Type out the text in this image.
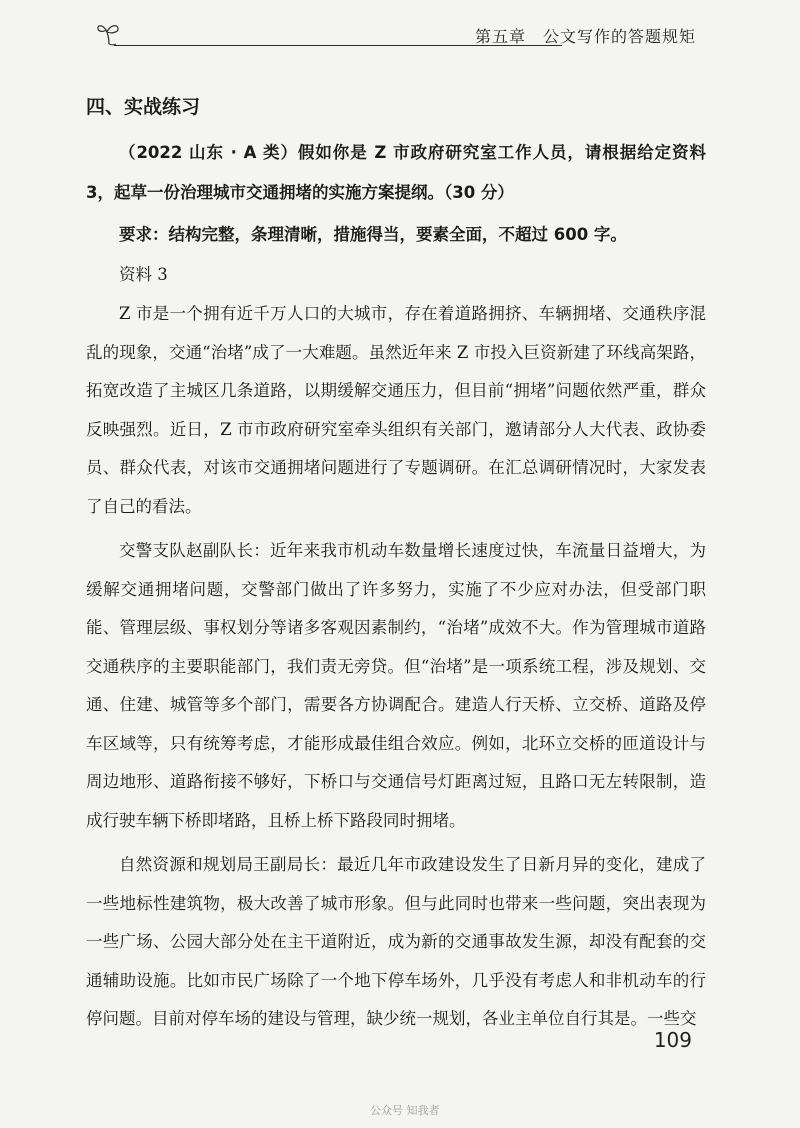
第五章　公文写作的答题规矩
四、实战练习

（2022 山东 · A 类）假如你是 Z 市政府研究室工作人员，请根据给定资料 3，起草一份治理城市交通拥堵的实施方案提纲。（30 分）

要求：结构完整，条理清晰，措施得当，要素全面，不超过 600 字。

资料 3

Z 市是一个拥有近千万人口的大城市，存在着道路拥挤、车辆拥堵、交通秩序混乱的现象，交通“治堵”成了一大难题。虽然近年来 Z 市投入巨资新建了环线高架路，拓宽改造了主城区几条道路，以期缓解交通压力，但目前“拥堵”问题依然严重，群众反映强烈。近日，Z 市市政府研究室牵头组织有关部门，邀请部分人大代表、政协委员、群众代表，对该市交通拥堵问题进行了专题调研。在汇总调研情况时，大家发表了自己的看法。

交警支队赵副队长：近年来我市机动车数量增长速度过快，车流量日益增大，为缓解交通拥堵问题，交警部门做出了许多努力，实施了不少应对办法，但受部门职能、管理层级、事权划分等诸多客观因素制约，“治堵”成效不大。作为管理城市道路交通秩序的主要职能部门，我们责无旁贷。但“治堵”是一项系统工程，涉及规划、交通、住建、城管等多个部门，需要各方协调配合。建造人行天桥、立交桥、道路及停车区域等，只有统筹考虑，才能形成最佳组合效应。例如，北环立交桥的匝道设计与周边地形、道路衔接不够好，下桥口与交通信号灯距离过短，且路口无左转限制，造成行驶车辆下桥即堵路，且桥上桥下路段同时拥堵。

自然资源和规划局王副局长：最近几年市政建设发生了日新月异的变化，建成了一些地标性建筑物，极大改善了城市形象。但与此同时也带来一些问题，突出表现为一些广场、公园大部分处在主干道附近，成为新的交通事故发生源，却没有配套的交通辅助设施。比如市民广场除了一个地下停车场外，几乎没有考虑人和非机动车的行停问题。目前对停车场的建设与管理，缺少统一规划，各业主单位自行其是。一些交

109
公众号 知我者
